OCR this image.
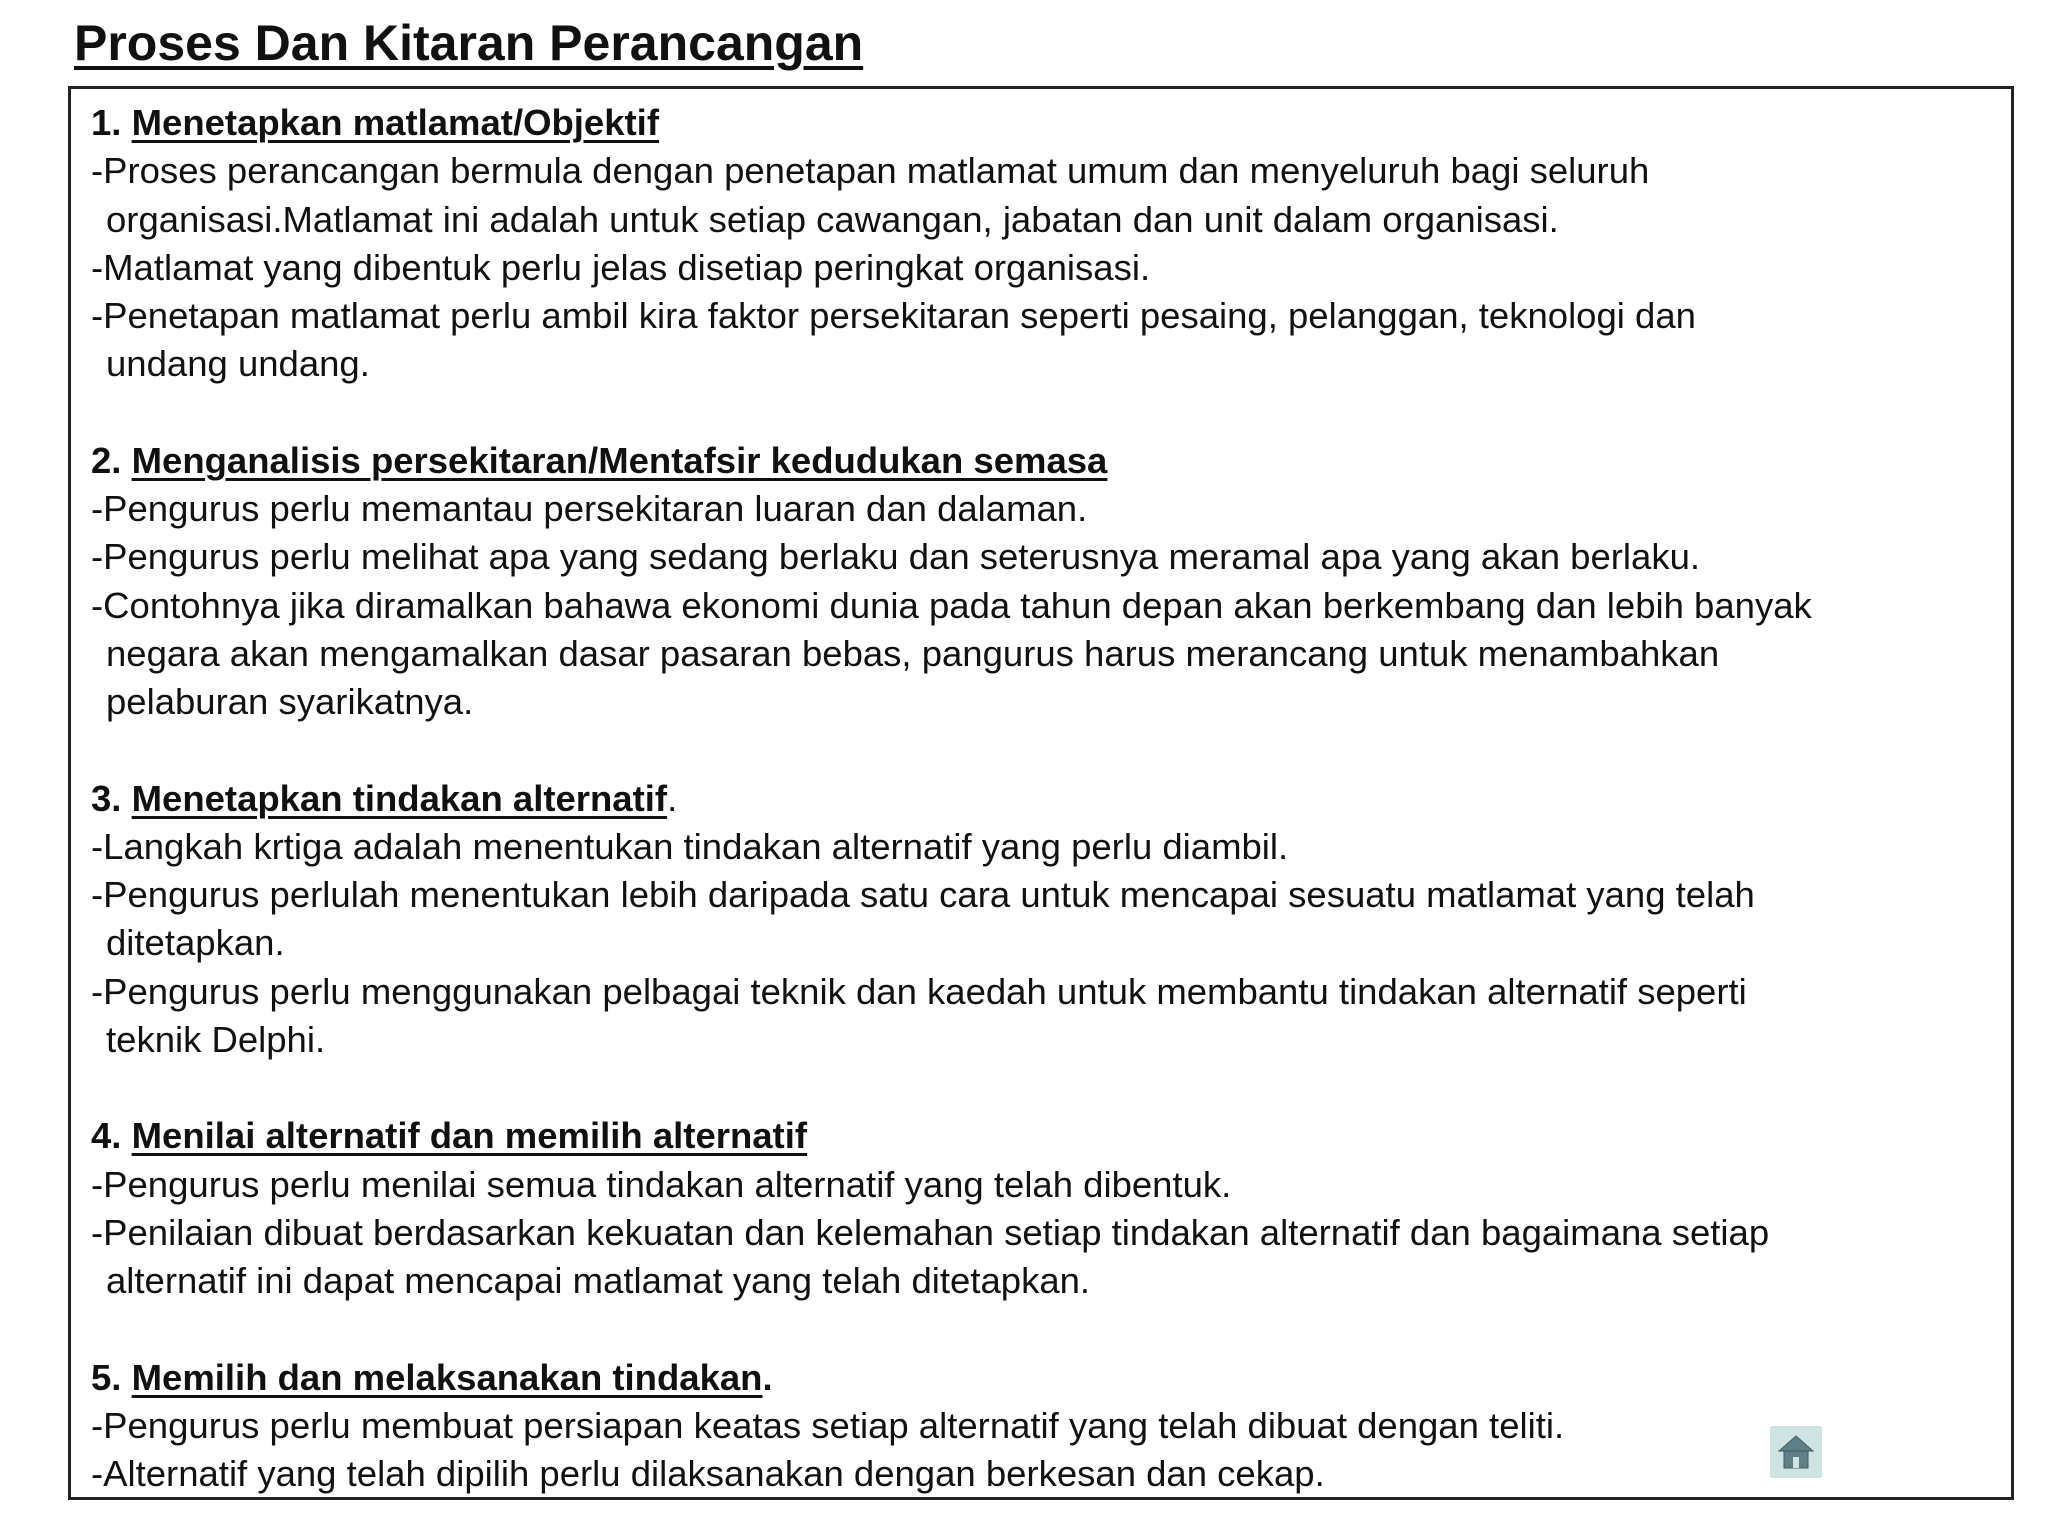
Proses Dan Kitaran Perancangan
1. Menetapkan matlamat/Objektif
-Proses perancangan bermula dengan penetapan matlamat umum dan menyeluruh bagi seluruh
organisasi.Matlamat ini adalah untuk setiap cawangan, jabatan dan unit dalam organisasi.
-Matlamat yang dibentuk perlu jelas disetiap peringkat organisasi.
-Penetapan matlamat perlu ambil kira faktor persekitaran seperti pesaing, pelanggan, teknologi dan
undang undang.
2. Menganalisis persekitaran/Mentafsir kedudukan semasa
-Pengurus perlu memantau persekitaran luaran dan dalaman.
-Pengurus perlu melihat apa yang sedang berlaku dan seterusnya meramal apa yang akan berlaku.
-Contohnya jika diramalkan bahawa ekonomi dunia pada tahun depan akan berkembang dan lebih banyak
negara akan mengamalkan dasar pasaran bebas, pangurus harus merancang untuk menambahkan
pelaburan syarikatnya.
3. Menetapkan tindakan alternatif.
-Langkah krtiga adalah menentukan tindakan alternatif yang perlu diambil.
-Pengurus perlulah menentukan lebih daripada satu cara untuk mencapai sesuatu matlamat yang telah
ditetapkan.
-Pengurus perlu menggunakan pelbagai teknik dan kaedah untuk membantu tindakan alternatif seperti
teknik Delphi.
4. Menilai alternatif dan memilih alternatif
-Pengurus perlu menilai semua tindakan alternatif yang telah dibentuk.
-Penilaian dibuat berdasarkan kekuatan dan kelemahan setiap tindakan alternatif dan bagaimana setiap
alternatif ini dapat mencapai matlamat yang telah ditetapkan.
5. Memilih dan melaksanakan tindakan.
-Pengurus perlu membuat persiapan keatas setiap alternatif yang telah dibuat dengan teliti.
-Alternatif yang telah dipilih perlu dilaksanakan dengan berkesan dan cekap.
